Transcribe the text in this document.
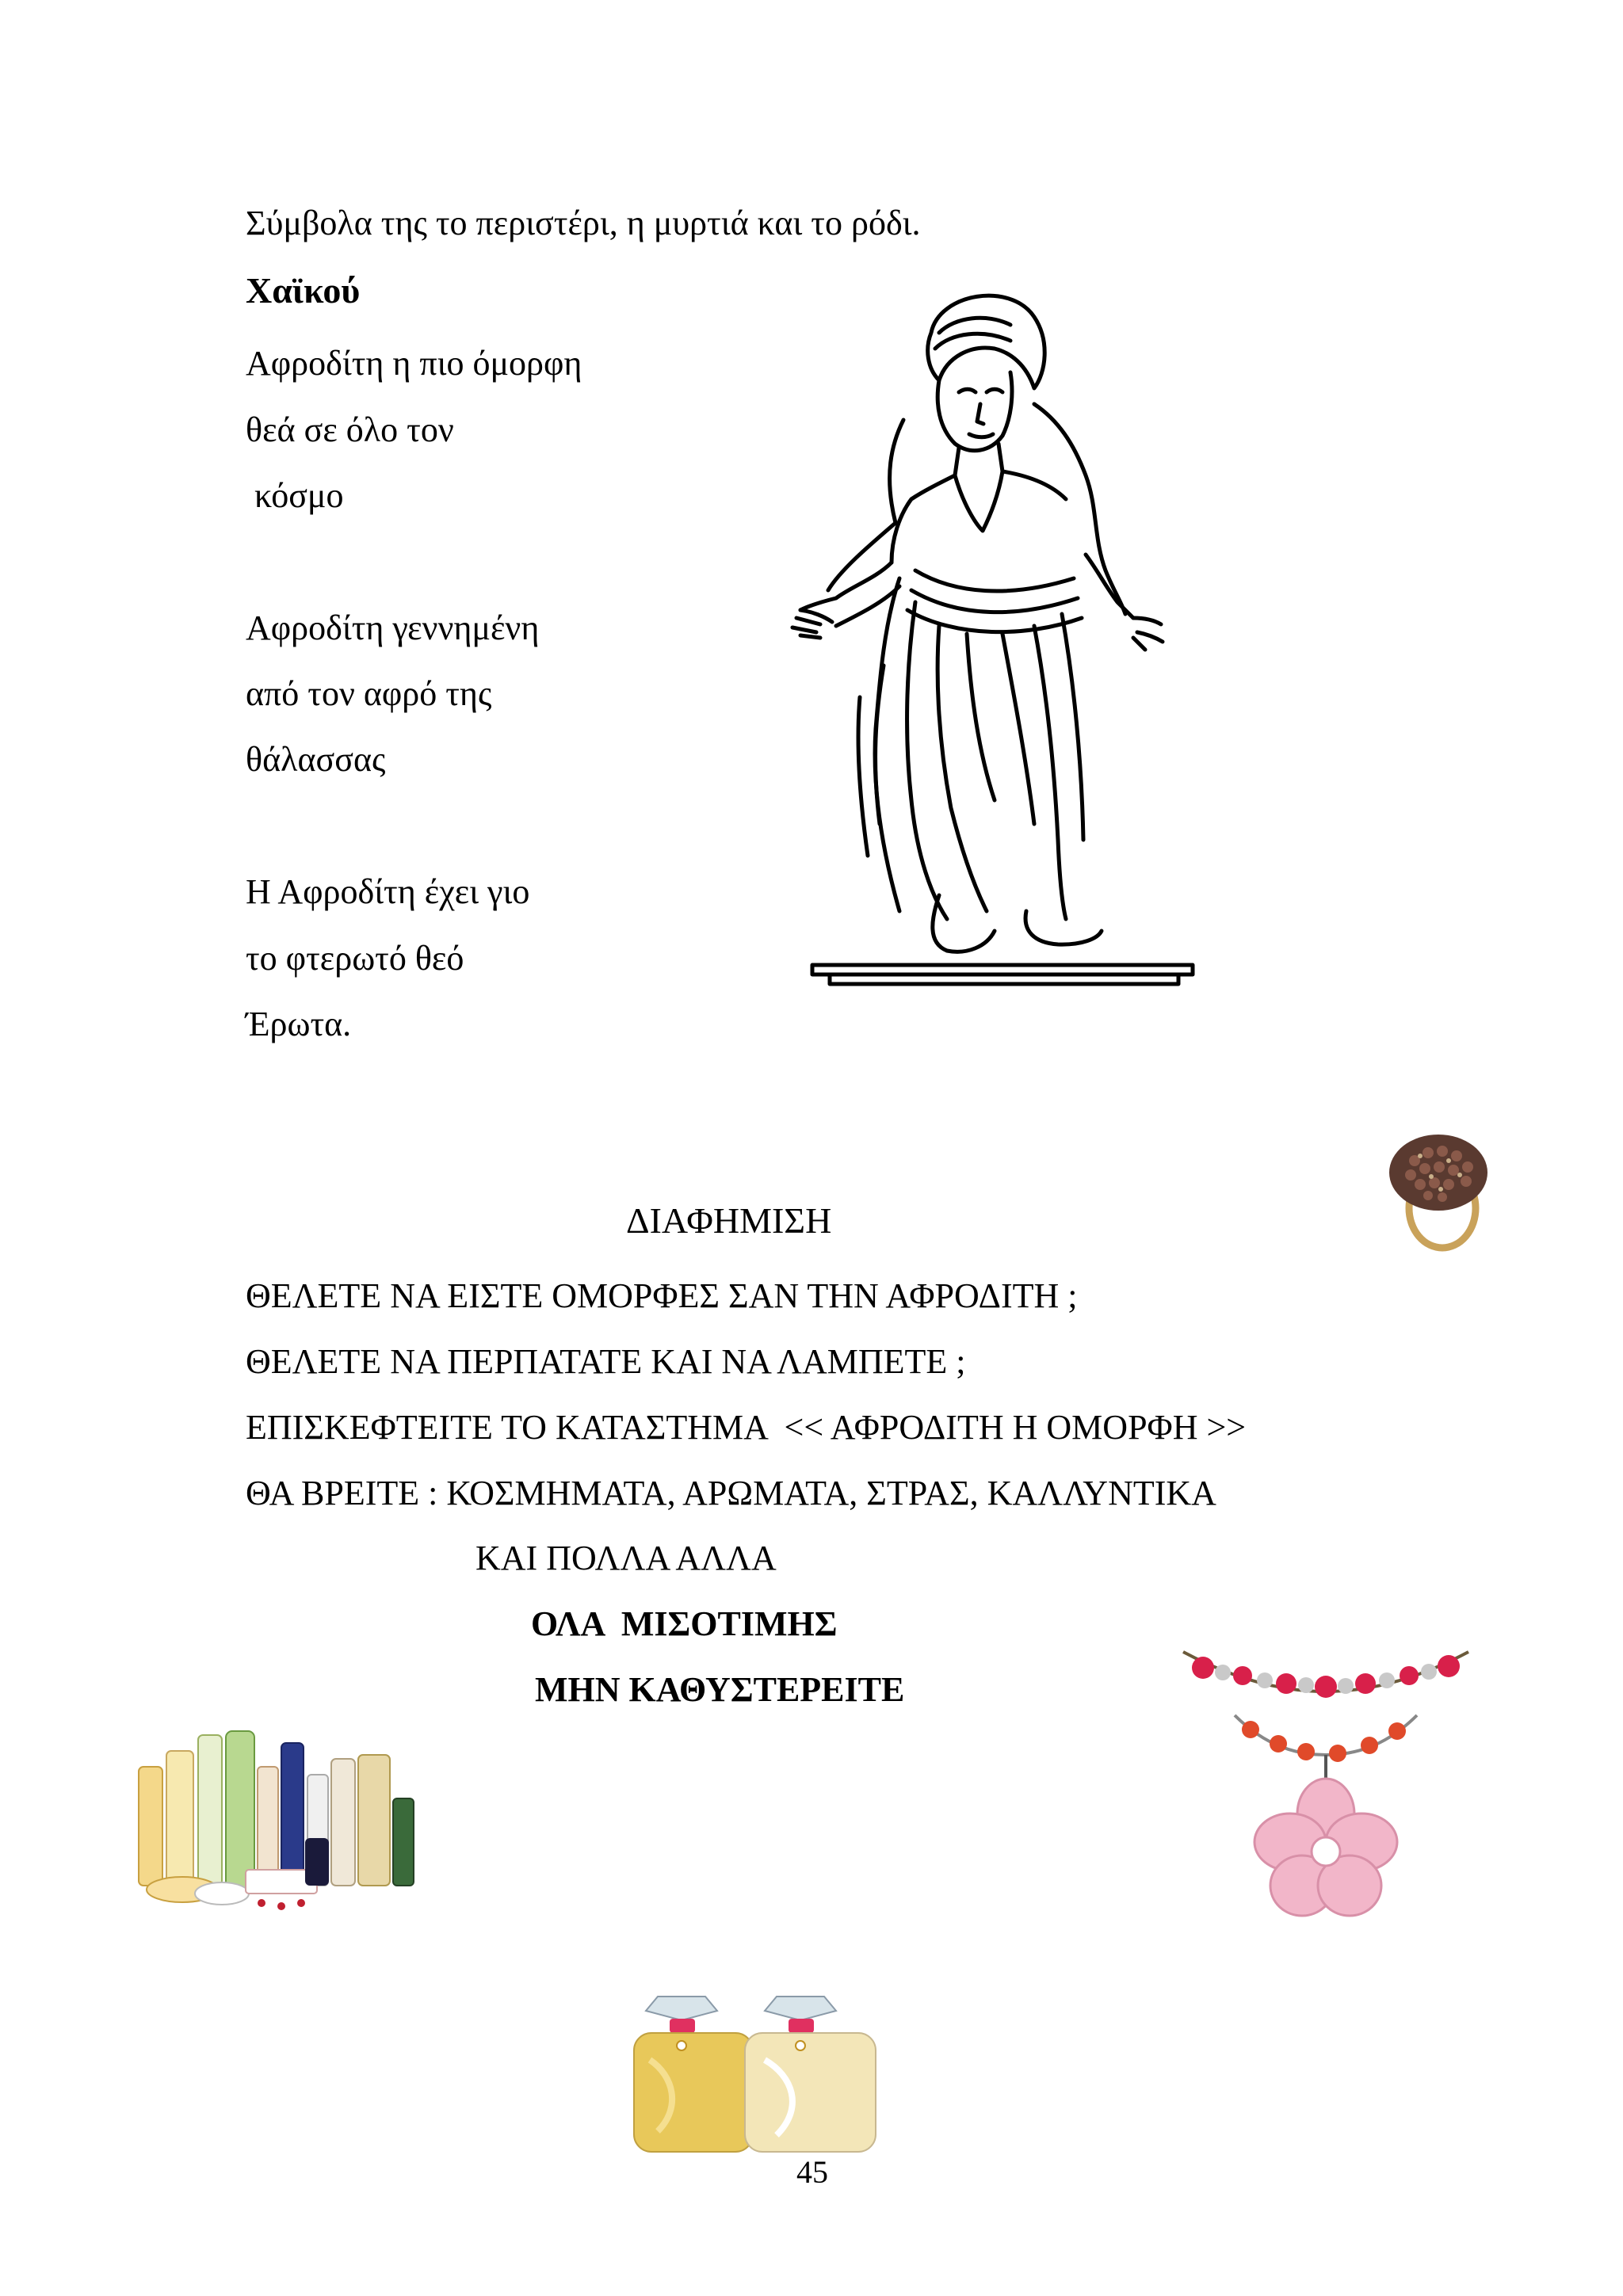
Σύμβολα της το περιστέρι, η μυρτιά και το ρόδι.
Χαϊκού
Αφροδίτη η πιο όμορφη
θεά σε όλο τον
κόσμο
Αφροδίτη γεννημένη
από τον αφρό της
θάλασσας
Η Αφροδίτη έχει γιο
το φτερωτό θεό
Έρωτα.
ΔΙΑΦΗΜΙΣΗ
ΘΕΛΕΤΕ ΝΑ ΕΙΣΤΕ ΟΜΟΡΦΕΣ ΣΑΝ ΤΗΝ ΑΦΡΟΔΙΤΗ ;
ΘΕΛΕΤΕ ΝΑ ΠΕΡΠΑΤΑΤΕ ΚΑΙ ΝΑ ΛΑΜΠΕΤΕ ;
ΕΠΙΣΚΕΦΤΕΙΤΕ ΤΟ ΚΑΤΑΣΤΗΜΑ  << ΑΦΡΟΔΙΤΗ Η ΟΜΟΡΦΗ >>
ΘΑ ΒΡΕΙΤΕ : ΚΟΣΜΗΜΑΤΑ, ΑΡΩΜΑΤΑ, ΣΤΡΑΣ, ΚΑΛΛΥΝΤΙΚΑ
ΚΑΙ ΠΟΛΛΑ ΑΛΛΑ
ΟΛΑ  ΜΙΣΟΤΙΜΗΣ
ΜΗΝ ΚΑΘΥΣΤΕΡΕΙΤΕ
45
